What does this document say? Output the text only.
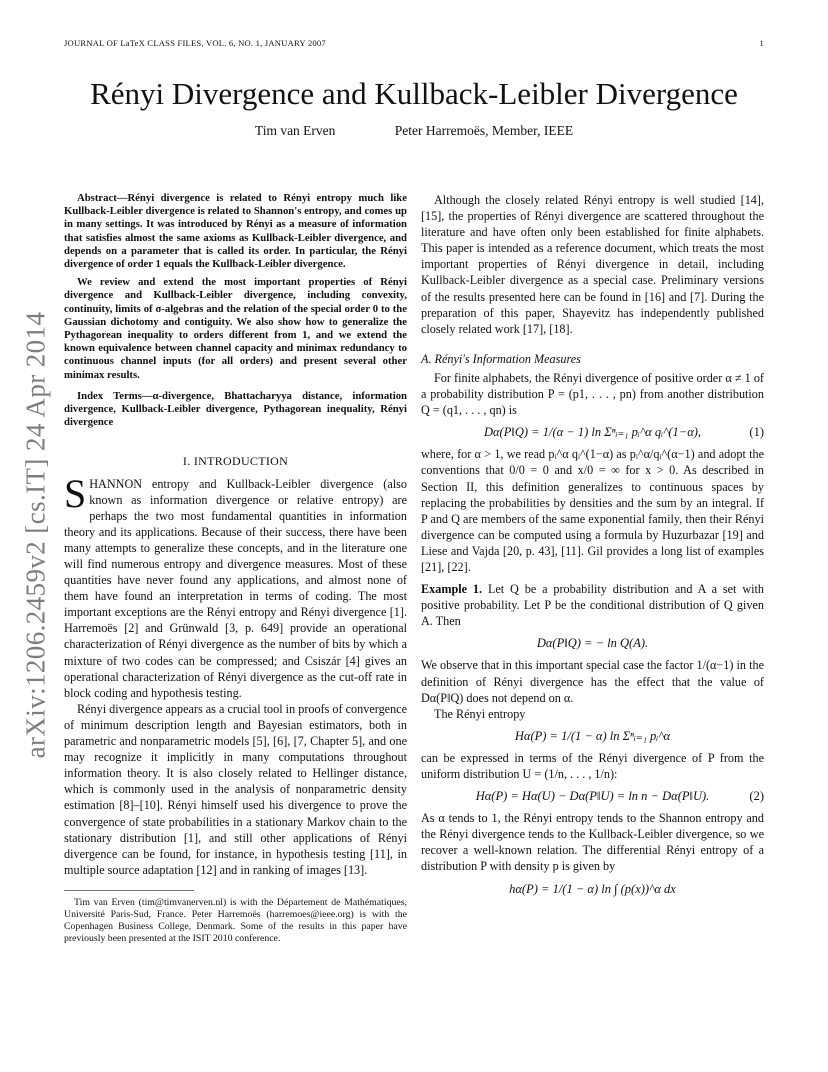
JOURNAL OF LaTeX CLASS FILES, VOL. 6, NO. 1, JANUARY 2007	1
arXiv:1206.2459v2 [cs.IT] 24 Apr 2014
Rényi Divergence and Kullback-Leibler Divergence
Tim van Erven	Peter Harremoës, Member, IEEE

Abstract—Rényi divergence is related to Rényi entropy much like Kullback-Leibler divergence is related to Shannon's entropy, and comes up in many settings. It was introduced by Rényi as a measure of information that satisfies almost the same axioms as Kullback-Leibler divergence, and depends on a parameter that is called its order. In particular, the Rényi divergence of order 1 equals the Kullback-Leibler divergence.

We review and extend the most important properties of Rényi divergence and Kullback-Leibler divergence, including convexity, continuity, limits of σ-algebras and the relation of the special order 0 to the Gaussian dichotomy and contiguity. We also show how to generalize the Pythagorean inequality to orders different from 1, and we extend the known equivalence between channel capacity and minimax redundancy to continuous channel inputs (for all orders) and present several other minimax results.

Index Terms—α-divergence, Bhattacharyya distance, information divergence, Kullback-Leibler divergence, Pythagorean inequality, Rényi divergence

I. INTRODUCTION

SHANNON entropy and Kullback-Leibler divergence (also known as information divergence or relative entropy) are perhaps the two most fundamental quantities in information theory and its applications. Because of their success, there have been many attempts to generalize these concepts, and in the literature one will find numerous entropy and divergence measures. Most of these quantities have never found any applications, and almost none of them have found an interpretation in terms of coding. The most important exceptions are the Rényi entropy and Rényi divergence [1]. Harremoës [2] and Grünwald [3, p. 649] provide an operational characterization of Rényi divergence as the number of bits by which a mixture of two codes can be compressed; and Csiszár [4] gives an operational characterization of Rényi divergence as the cut-off rate in block coding and hypothesis testing.

Rényi divergence appears as a crucial tool in proofs of convergence of minimum description length and Bayesian estimators, both in parametric and nonparametric models [5], [6], [7, Chapter 5], and one may recognize it implicitly in many computations throughout information theory. It is also closely related to Hellinger distance, which is commonly used in the analysis of nonparametric density estimation [8]–[10]. Rényi himself used his divergence to prove the convergence of state probabilities in a stationary Markov chain to the stationary distribution [1], and still other applications of Rényi divergence can be found, for instance, in hypothesis testing [11], in multiple source adaptation [12] and in ranking of images [13].

Tim van Erven (tim@timvanerven.nl) is with the Département de Mathématiques, Université Paris-Sud, France. Peter Harremoës (harremoes@ieee.org) is with the Copenhagen Business College, Denmark. Some of the results in this paper have previously been presented at the ISIT 2010 conference.

Although the closely related Rényi entropy is well studied [14], [15], the properties of Rényi divergence are scattered throughout the literature and have often only been established for finite alphabets. This paper is intended as a reference document, which treats the most important properties of Rényi divergence in detail, including Kullback-Leibler divergence as a special case. Preliminary versions of the results presented here can be found in [16] and [7]. During the preparation of this paper, Shayevitz has independently published closely related work [17], [18].

A. Rényi's Information Measures

For finite alphabets, the Rényi divergence of positive order α ≠ 1 of a probability distribution P = (p1, . . . , pn) from another distribution Q = (q1, . . . , qn) is

Dα(P‖Q) = 1/(α − 1) ln Σⁿᵢ₌₁ pᵢ^α qᵢ^(1−α),	(1)

where, for α > 1, we read pᵢ^α qᵢ^(1−α) as pᵢ^α/qᵢ^(α−1) and adopt the conventions that 0/0 = 0 and x/0 = ∞ for x > 0. As described in Section II, this definition generalizes to continuous spaces by replacing the probabilities by densities and the sum by an integral. If P and Q are members of the same exponential family, then their Rényi divergence can be computed using a formula by Huzurbazar [19] and Liese and Vajda [20, p. 43], [11]. Gil provides a long list of examples [21], [22].

Example 1. Let Q be a probability distribution and A a set with positive probability. Let P be the conditional distribution of Q given A. Then

Dα(P‖Q) = − ln Q(A).

We observe that in this important special case the factor 1/(α−1) in the definition of Rényi divergence has the effect that the value of Dα(P‖Q) does not depend on α.

The Rényi entropy

Hα(P) = 1/(1 − α) ln Σⁿᵢ₌₁ pᵢ^α

can be expressed in terms of the Rényi divergence of P from the uniform distribution U = (1/n, . . . , 1/n):

Hα(P) = Hα(U) − Dα(P‖U) = ln n − Dα(P‖U).	(2)

As α tends to 1, the Rényi entropy tends to the Shannon entropy and the Rényi divergence tends to the Kullback-Leibler divergence, so we recover a well-known relation. The differential Rényi entropy of a distribution P with density p is given by

hα(P) = 1/(1 − α) ln ∫ (p(x))^α dx
